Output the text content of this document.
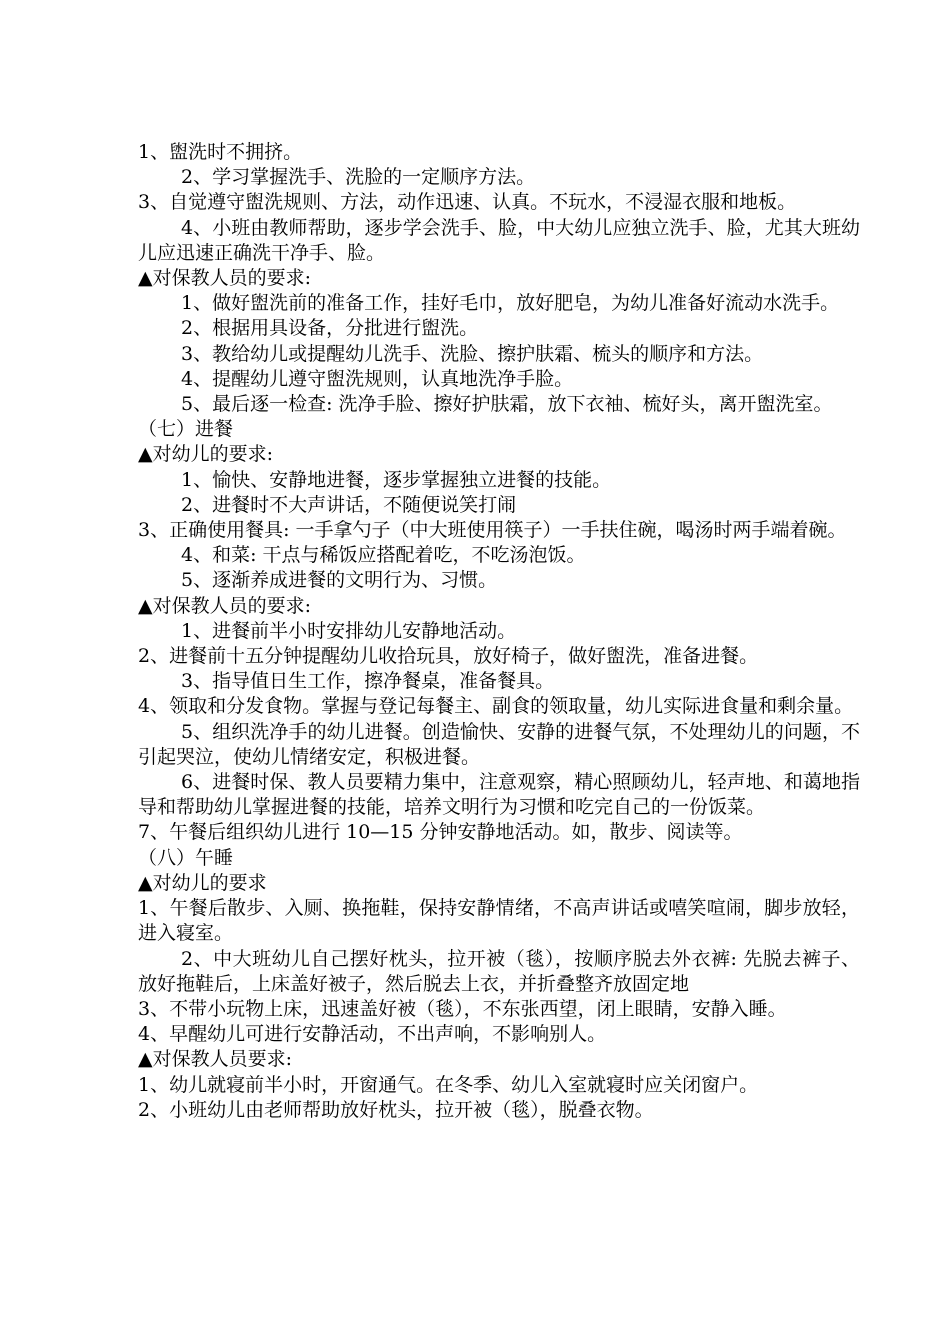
1、盥洗时不拥挤。

2、学习掌握洗手、洗脸的一定顺序方法。

3、自觉遵守盥洗规则、方法，动作迅速、认真。不玩水，不浸湿衣服和地板。

4、小班由教师帮助，逐步学会洗手、脸，中大幼儿应独立洗手、脸，尤其大班幼儿应迅速正确洗干净手、脸。

▲对保教人员的要求:

1、做好盥洗前的准备工作，挂好毛巾，放好肥皂，为幼儿准备好流动水洗手。

2、根据用具设备，分批进行盥洗。

3、教给幼儿或提醒幼儿洗手、洗脸、擦护肤霜、梳头的顺序和方法。

4、提醒幼儿遵守盥洗规则，认真地洗净手脸。

5、最后逐一检查: 洗净手脸、擦好护肤霜，放下衣袖、梳好头，离开盥洗室。

（七）进餐

▲对幼儿的要求:

1、愉快、安静地进餐，逐步掌握独立进餐的技能。

2、进餐时不大声讲话，不随便说笑打闹

3、正确使用餐具: 一手拿勺子（中大班使用筷子）一手扶住碗，喝汤时两手端着碗。

4、和菜: 干点与稀饭应搭配着吃，不吃汤泡饭。

5、逐渐养成进餐的文明行为、习惯。

▲对保教人员的要求:

1、进餐前半小时安排幼儿安静地活动。

2、进餐前十五分钟提醒幼儿收拾玩具，放好椅子，做好盥洗，准备进餐。

3、指导值日生工作，擦净餐桌，准备餐具。

4、领取和分发食物。掌握与登记每餐主、副食的领取量，幼儿实际进食量和剩余量。

5、组织洗净手的幼儿进餐。创造愉快、安静的进餐气氛，不处理幼儿的问题，不引起哭泣，使幼儿情绪安定，积极进餐。

6、进餐时保、教人员要精力集中，注意观察，精心照顾幼儿，轻声地、和蔼地指导和帮助幼儿掌握进餐的技能，培养文明行为习惯和吃完自己的一份饭菜。

7、午餐后组织幼儿进行 10—15 分钟安静地活动。如，散步、阅读等。

（八）午睡

▲对幼儿的要求

1、午餐后散步、入厕、换拖鞋，保持安静情绪，不高声讲话或嘻笑喧闹，脚步放轻，进入寝室。

2、中大班幼儿自己摆好枕头，拉开被（毯），按顺序脱去外衣裤: 先脱去裤子、放好拖鞋后，上床盖好被子，然后脱去上衣，并折叠整齐放固定地

3、不带小玩物上床，迅速盖好被（毯），不东张西望，闭上眼睛，安静入睡。

4、早醒幼儿可进行安静活动，不出声响，不影响别人。

▲对保教人员要求:

1、幼儿就寝前半小时，开窗通气。在冬季、幼儿入室就寝时应关闭窗户。

2、小班幼儿由老师帮助放好枕头，拉开被（毯），脱叠衣物。
